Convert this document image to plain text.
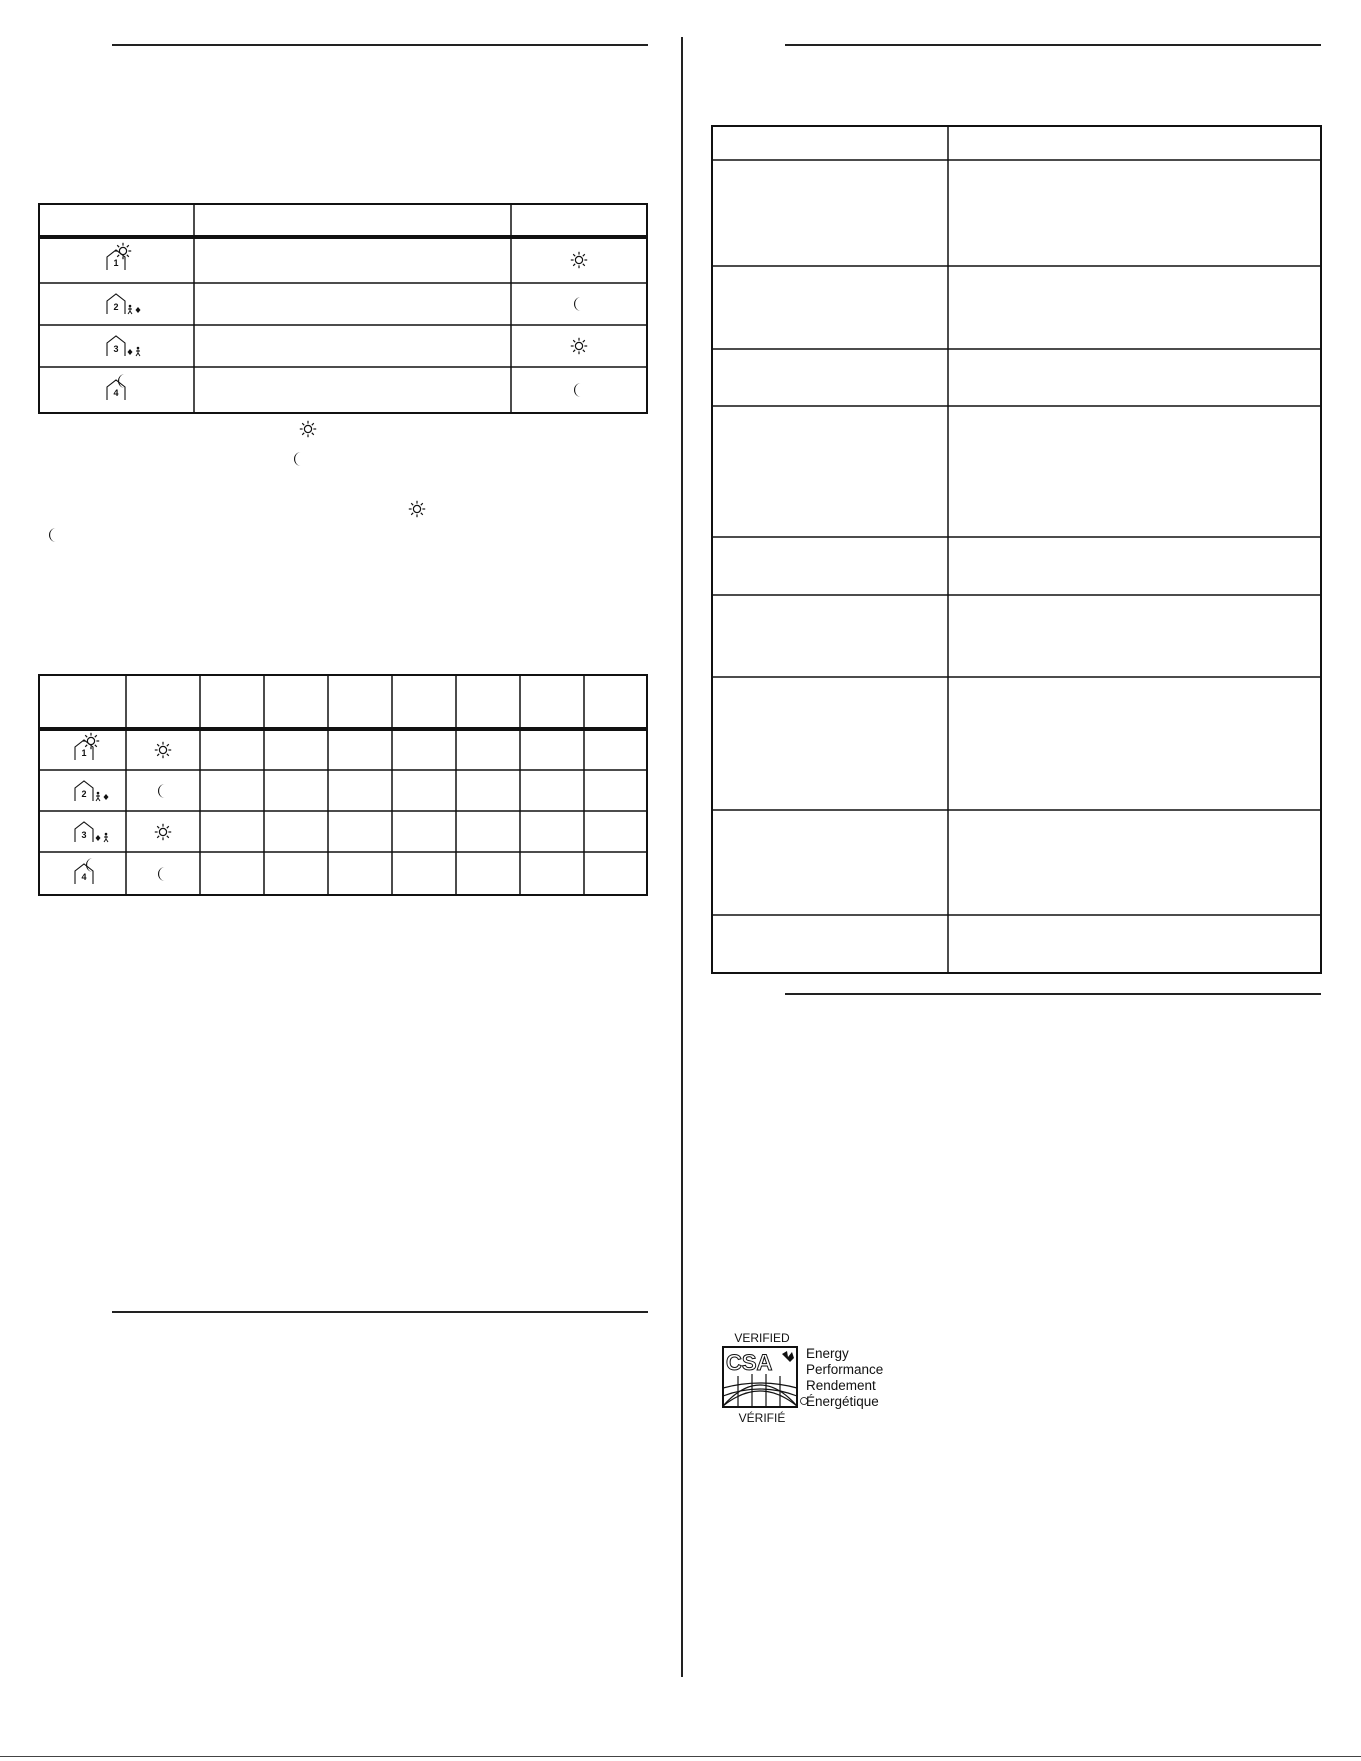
1
2
3
4
1
2
3
4
VERIFIED
CSA
VÉRIFIÉ
Energy
Performance
Rendement
Énergétique
